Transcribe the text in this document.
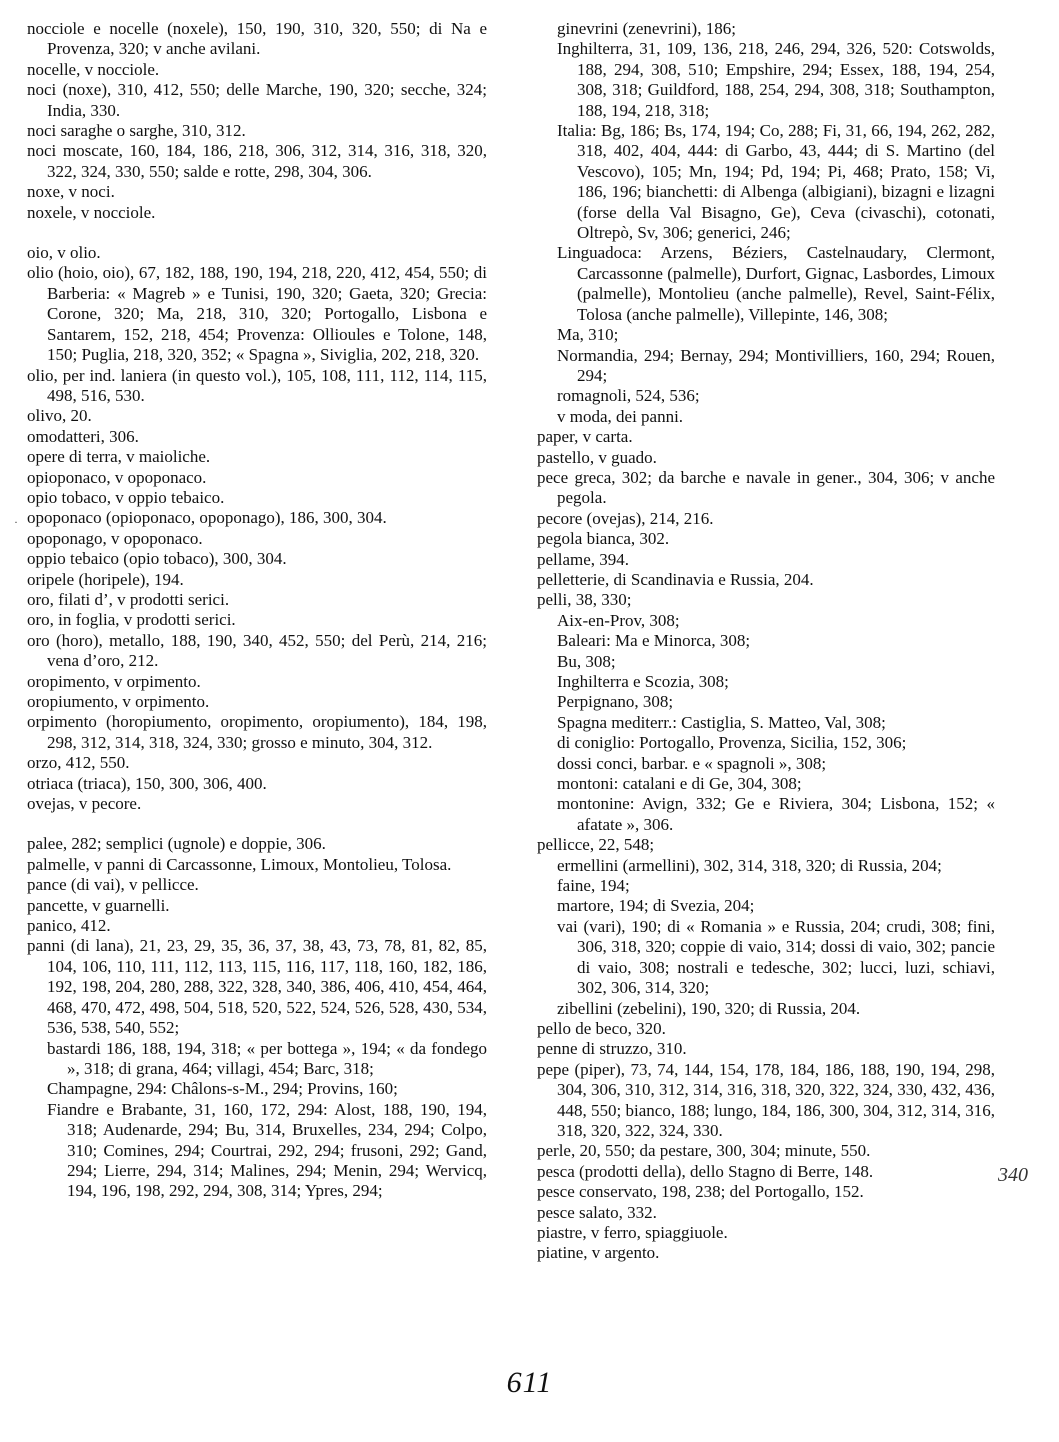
nocciole e nocelle (noxele), 150, 190, 310, 320, 550; di Na e Provenza, 320; v anche avilani.
nocelle, v nocciole.
noci (noxe), 310, 412, 550; delle Marche, 190, 320; secche, 324; India, 330.
noci saraghe o sarghe, 310, 312.
noci moscate, 160, 184, 186, 218, 306, 312, 314, 316, 318, 320, 322, 324, 330, 550; salde e rotte, 298, 304, 306.
noxe, v noci.
noxele, v nocciole.
oio, v olio.
olio (hoio, oio), 67, 182, 188, 190, 194, 218, 220, 412, 454, 550; di Barberia: « Magreb » e Tunisi, 190, 320; Gaeta, 320; Grecia: Corone, 320; Ma, 218, 310, 320; Portogallo, Lisbona e Santarem, 152, 218, 454; Provenza: Ollioules e Tolone, 148, 150; Puglia, 218, 320, 352; « Spagna », Siviglia, 202, 218, 320.
olio, per ind. laniera (in questo vol.), 105, 108, 111, 112, 114, 115, 498, 516, 530.
olivo, 20.
omodatteri, 306.
opere di terra, v maioliche.
opioponaco, v opoponaco.
opio tobaco, v oppio tebaico.
opoponaco (opioponaco, opoponago), 186, 300, 304.
opoponago, v opoponaco.
oppio tebaico (opio tobaco), 300, 304.
oripele (horipele), 194.
oro, filati d’, v prodotti serici.
oro, in foglia, v prodotti serici.
oro (horo), metallo, 188, 190, 340, 452, 550; del Perù, 214, 216; vena d’oro, 212.
oropimento, v orpimento.
oropiumento, v orpimento.
orpimento (horopiumento, oropimento, oropiumento), 184, 198, 298, 312, 314, 318, 324, 330; grosso e minuto, 304, 312.
orzo, 412, 550.
otriaca (triaca), 150, 300, 306, 400.
ovejas, v pecore.
palee, 282; semplici (ugnole) e doppie, 306.
palmelle, v panni di Carcassonne, Limoux, Montolieu, Tolosa.
pance (di vai), v pellicce.
pancette, v guarnelli.
panico, 412.
panni (di lana), 21, 23, 29, 35, 36, 37, 38, 43, 73, 78, 81, 82, 85, 104, 106, 110, 111, 112, 113, 115, 116, 117, 118, 160, 182, 186, 192, 198, 204, 280, 288, 322, 328, 340, 386, 406, 410, 454, 464, 468, 470, 472, 498, 504, 518, 520, 522, 524, 526, 528, 430, 534, 536, 538, 540, 552;
bastardi 186, 188, 194, 318; « per bottega », 194; « da fondego », 318; di grana, 464; villagi, 454; Barc, 318;
Champagne, 294: Châlons-s-M., 294; Provins, 160;
Fiandre e Brabante, 31, 160, 172, 294: Alost, 188, 190, 194, 318; Audenarde, 294; Bu, 314, Bruxelles, 234, 294; Colpo, 310; Comines, 294; Courtrai, 292, 294; frusoni, 292; Gand, 294; Lierre, 294, 314; Malines, 294; Menin, 294; Wervicq, 194, 196, 198, 292, 294, 308, 314; Ypres, 294;
ginevrini (zenevrini), 186;
Inghilterra, 31, 109, 136, 218, 246, 294, 326, 520: Cotswolds, 188, 294, 308, 510; Empshire, 294; Essex, 188, 194, 254, 308, 318; Guildford, 188, 254, 294, 308, 318; Southampton, 188, 194, 218, 318;
Italia: Bg, 186; Bs, 174, 194; Co, 288; Fi, 31, 66, 194, 262, 282, 318, 402, 404, 444: di Garbo, 43, 444; di S. Martino (del Vescovo), 105; Mn, 194; Pd, 194; Pi, 468; Prato, 158; Vi, 186, 196; bianchetti: di Albenga (albigiani), bizagni e lizagni (forse della Val Bisagno, Ge), Ceva (civaschi), cotonati, Oltrepò, Sv, 306; generici, 246;
Linguadoca: Arzens, Béziers, Castelnaudary, Clermont, Carcassonne (palmelle), Durfort, Gignac, Lasbordes, Limoux (palmelle), Montolieu (anche palmelle), Revel, Saint-Félix, Tolosa (anche palmelle), Villepinte, 146, 308;
Ma, 310;
Normandia, 294; Bernay, 294; Montivilliers, 160, 294; Rouen, 294;
romagnoli, 524, 536;
v moda, dei panni.
paper, v carta.
pastello, v guado.
pece greca, 302; da barche e navale in gener., 304, 306; v anche pegola.
pecore (ovejas), 214, 216.
pegola bianca, 302.
pellame, 394.
pelletterie, di Scandinavia e Russia, 204.
pelli, 38, 330;
Aix-en-Prov, 308;
Baleari: Ma e Minorca, 308;
Bu, 308;
Inghilterra e Scozia, 308;
Perpignano, 308;
Spagna mediterr.: Castiglia, S. Matteo, Val, 308;
di coniglio: Portogallo, Provenza, Sicilia, 152, 306;
dossi conci, barbar. e « spagnoli », 308;
montoni: catalani e di Ge, 304, 308;
montonine: Avign, 332; Ge e Riviera, 304; Lisbona, 152; « afatate », 306.
pellicce, 22, 548;
ermellini (armellini), 302, 314, 318, 320; di Russia, 204;
faine, 194;
martore, 194; di Svezia, 204;
vai (vari), 190; di « Romania » e Russia, 204; crudi, 308; fini, 306, 318, 320; coppie di vaio, 314; dossi di vaio, 302; pancie di vaio, 308; nostrali e tedesche, 302; lucci, luzi, schiavi, 302, 306, 314, 320;
zibellini (zebelini), 190, 320; di Russia, 204.
pello de beco, 320.
penne di struzzo, 310.
pepe (piper), 73, 74, 144, 154, 178, 184, 186, 188, 190, 194, 298, 304, 306, 310, 312, 314, 316, 318, 320, 322, 324, 330, 432, 436, 448, 550; bianco, 188; lungo, 184, 186, 300, 304, 312, 314, 316, 318, 320, 322, 324, 330.
perle, 20, 550; da pestare, 300, 304; minute, 550.
pesca (prodotti della), dello Stagno di Berre, 148.
pesce conservato, 198, 238; del Portogallo, 152.
pesce salato, 332.
piastre, v ferro, spiaggiuole.
piatine, v argento.
·
340
611
